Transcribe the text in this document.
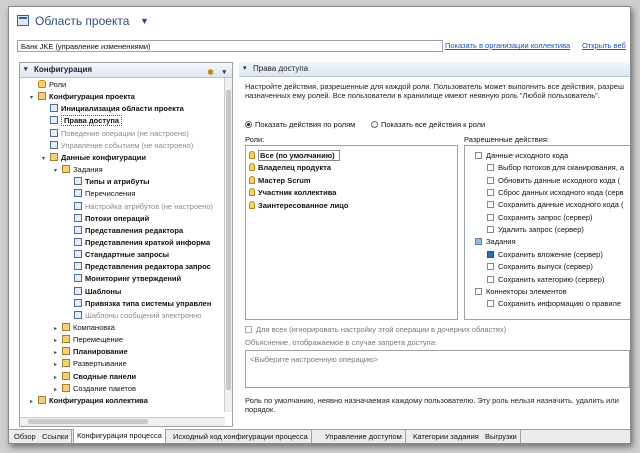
Область проекта ▼
Банк JKE (управление изменениями)	Показать в организации коллектива Открыть веб
▾ Конфигурация	✱ ▾
Роли
▾ Конфигурация проекта
Инициализация области проекта
Права доступа
Поведение операции (не настроено)
Управление событием (не настроено)
▾ Данные конфигурации
▾ Задания
Типы и атрибуты
Перечисления
Настройка атрибутов (не настроено)
Потоки операций
Представления редактора
Представления краткой информа
Стандартные запросы
Представления редактора запрос
Мониторинг утверждений
Шаблоны
Привязка типа системы управлен
Шаблоны сообщений электронно
▸ Компановка
▸ Перемещение
▸ Планирование
▸ Развертывание
▸ Сводные панели
▸ Создание пакетов
▸ Конфигурация коллектива
▾ Права доступа
Настройте действия, разрешенные для каждой роли. Пользователь может выполнить все действия, разреш назначенных ему ролей. Все пользователи в хранилище имеют неявную роль "Любой пользователь".
Показать действия по ролям	Показать все действия к роли
Роли:	Разрешенные действия:
Все (по умолчанию)
Владелец продукта
Мастер Scrum
Участник коллектива
Заинтересованное лицо
Данные исходного кода
Выбор потоков для сканирования, а
Обновить данные исходного кода (
Сброс данных исходного кода (серв
Сохранить данные исходного кода (
Сохранить запрос (сервер)
Удалить запрос (сервер)
Задания
Сохранить вложение (сервер)
Сохранить выпуск (сервер)
Сохранить категорию (сервер)
Коннекторы элементов
Сохранить информацию о правиле
Для всех (игнорировать настройку этой операции в дочерних областях)
Объяснение, отображаемое в случае запрета доступа:
<Выберите настроенную операцию>
Роль по умолчанию, неявно назначаемая каждому пользователю. Эту роль нельзя назначить, удалить или порядок.
Обзор Ссылки	Конфигурация процесса	Исходный код конфигурации процесса	Управление доступом	Категории задания Выгрузки
